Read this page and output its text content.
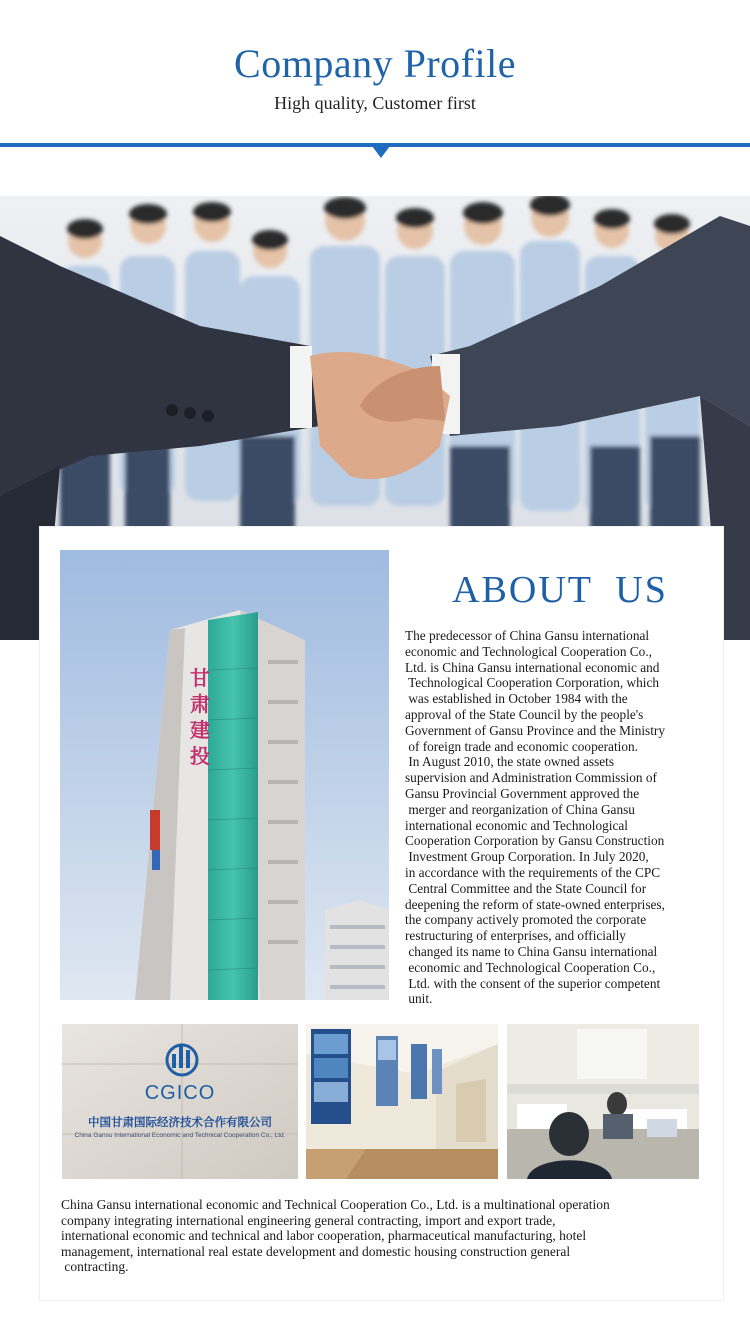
Company Profile
High quality, Customer first
甘
肃
建
投
ABOUT  US
The predecessor of China Gansu international
economic and Technological Cooperation Co.,
Ltd. is China Gansu international economic and
Technological Cooperation Corporation, which
was established in October 1984 with the
approval of the State Council by the people's
Government of Gansu Province and the Ministry
of foreign trade and economic cooperation.
In August 2010, the state owned assets
supervision and Administration Commission of
Gansu Provincial Government approved the
merger and reorganization of China Gansu
international economic and Technological
Cooperation Corporation by Gansu Construction
Investment Group Corporation. In July 2020,
in accordance with the requirements of the CPC
Central Committee and the State Council for
deepening the reform of state-owned enterprises,
the company actively promoted the corporate
restructuring of enterprises, and officially
changed its name to China Gansu international
economic and Technological Cooperation Co.,
Ltd. with the consent of the superior competent
unit.
CGICO
中国甘肃国际经济技术合作有限公司
China Gansu International Economic and Technical Cooperation Co., Ltd.
China Gansu international economic and Technical Cooperation Co., Ltd. is a multinational operation
company integrating international engineering general contracting, import and export trade,
international economic and technical and labor cooperation, pharmaceutical manufacturing, hotel
management, international real estate development and domestic housing construction general
contracting.
